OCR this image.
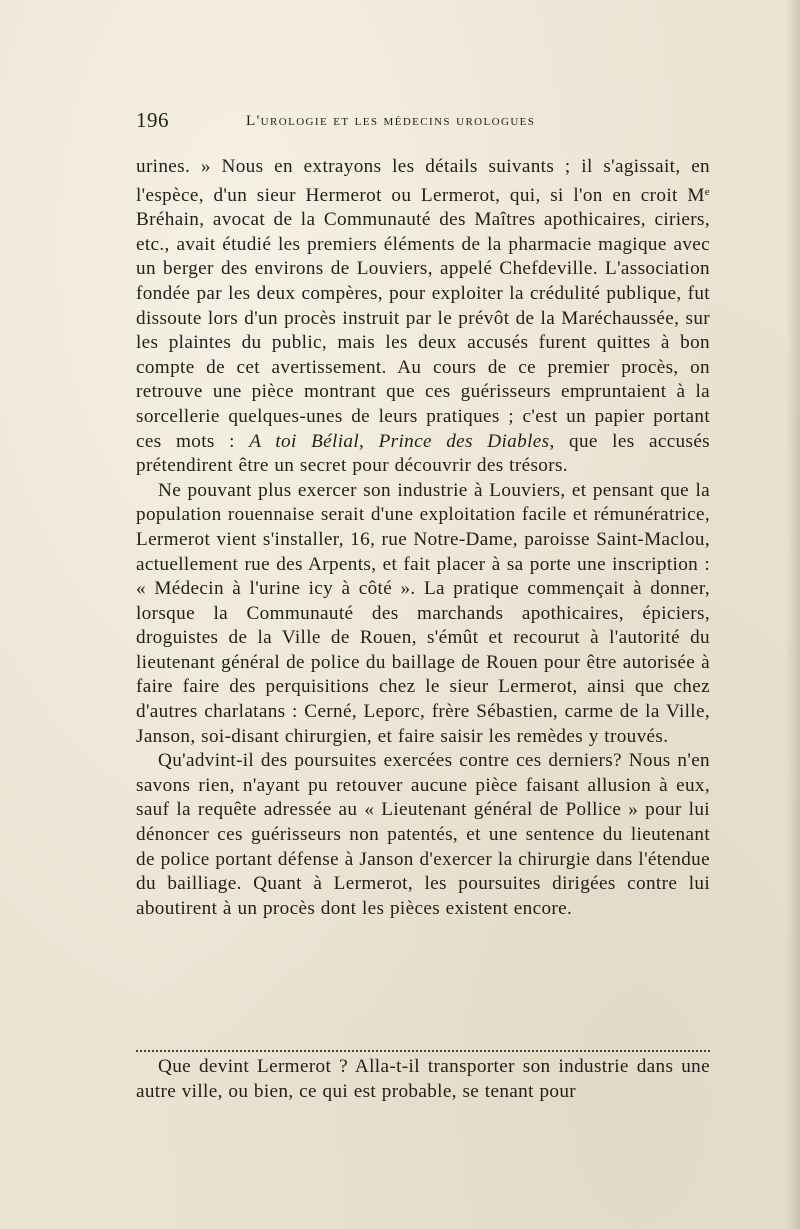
196	L'urologie et les médecins urologues

urines. » Nous en extrayons les détails suivants ; il s'agissait, en l'espèce, d'un sieur Hermerot ou Lermerot, qui, si l'on en croit Me Bréhain, avocat de la Communauté des Maîtres apothicaires, ciriers, etc., avait étudié les premiers éléments de la pharmacie magique avec un berger des environs de Louviers, appelé Chefdeville. L'association fondée par les deux compères, pour exploiter la crédulité publique, fut dissoute lors d'un procès instruit par le prévôt de la Maréchaussée, sur les plaintes du public, mais les deux accusés furent quittes à bon compte de cet avertissement. Au cours de ce premier procès, on retrouve une pièce montrant que ces guérisseurs empruntaient à la sorcellerie quelques-unes de leurs pratiques ; c'est un papier portant ces mots : A toi Bélial, Prince des Diables, que les accusés prétendirent être un secret pour découvrir des trésors.

Ne pouvant plus exercer son industrie à Louviers, et pensant que la population rouennaise serait d'une exploitation facile et rémunératrice, Lermerot vient s'installer, 16, rue Notre-Dame, paroisse Saint-Maclou, actuellement rue des Arpents, et fait placer à sa porte une inscription : « Médecin à l'urine icy à côté ». La pratique commençait à donner, lorsque la Communauté des marchands apothicaires, épiciers, droguistes de la Ville de Rouen, s'émût et recourut à l'autorité du lieutenant général de police du baillage de Rouen pour être autorisée à faire faire des perquisitions chez le sieur Lermerot, ainsi que chez d'autres charlatans : Cerné, Leporc, frère Sébastien, carme de la Ville, Janson, soi-disant chirurgien, et faire saisir les remèdes y trouvés.

Qu'advint-il des poursuites exercées contre ces derniers? Nous n'en savons rien, n'ayant pu retouver aucune pièce faisant allusion à eux, sauf la requête adressée au « Lieutenant général de Pollice » pour lui dénoncer ces guérisseurs non patentés, et une sentence du lieutenant de police portant défense à Janson d'exercer la chirurgie dans l'étendue du bailliage. Quant à Lermerot, les poursuites dirigées contre lui aboutirent à un procès dont les pièces existent encore.

Que devint Lermerot ? Alla-t-il transporter son industrie dans une autre ville, ou bien, ce qui est probable, se tenant pour
